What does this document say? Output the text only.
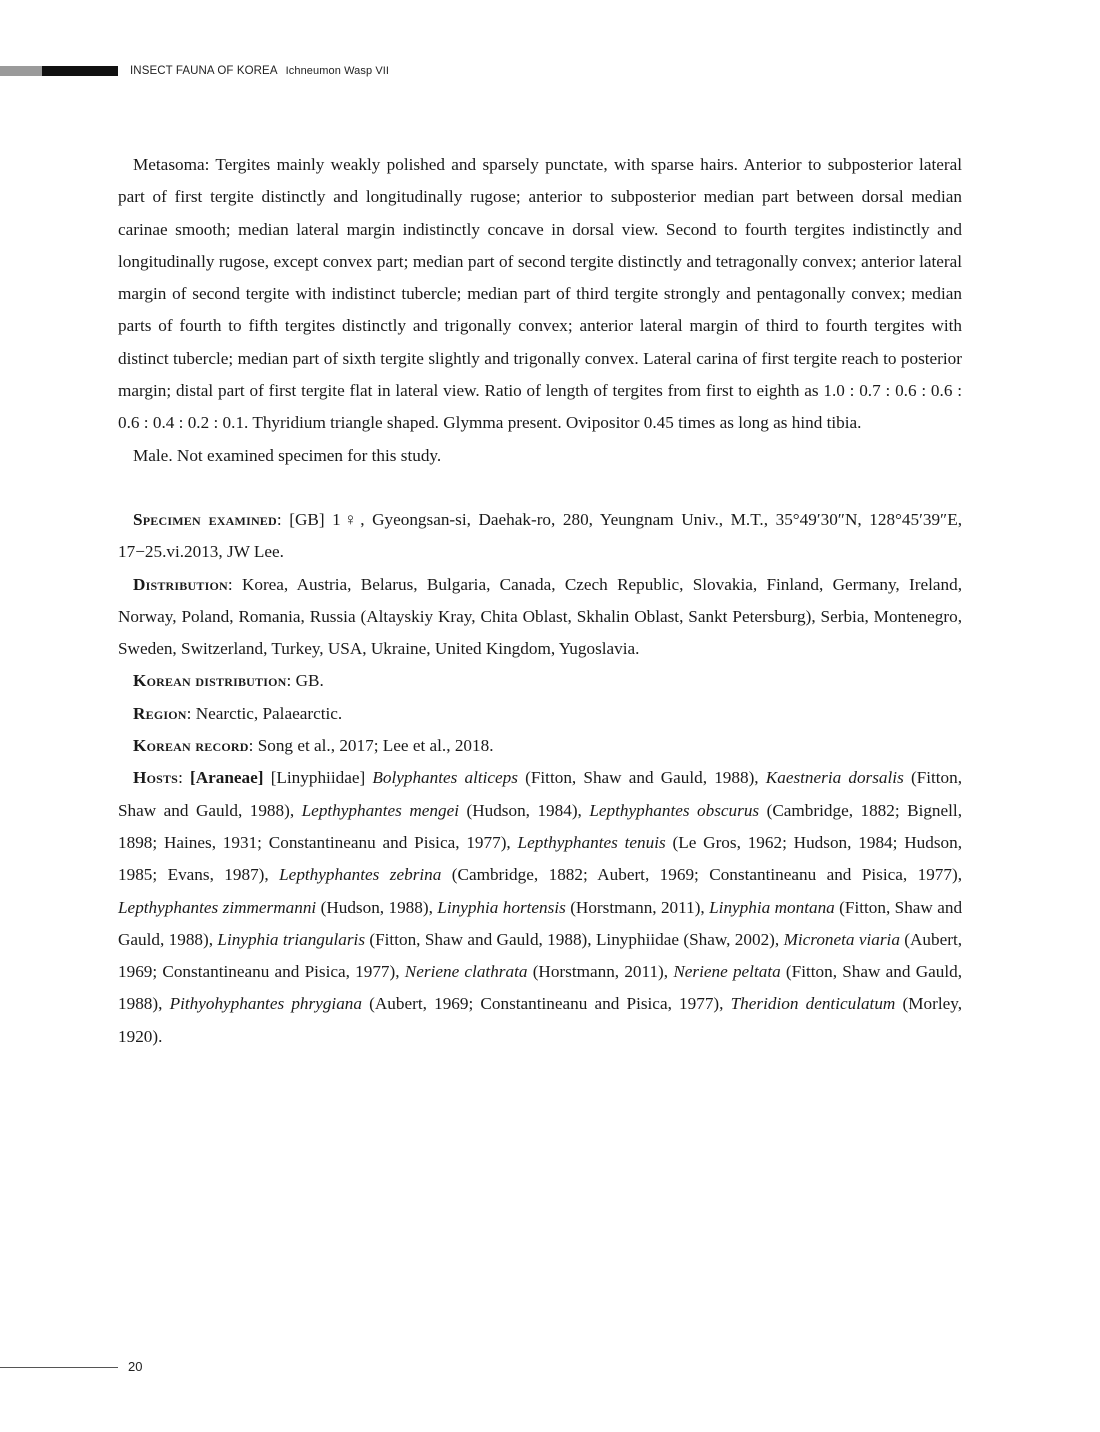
INSECT FAUNA OF KOREA Ichneumon Wasp VII

Metasoma: Tergites mainly weakly polished and sparsely punctate, with sparse hairs. Anterior to subposterior lateral part of first tergite distinctly and longitudinally rugose; anterior to subposterior median part between dorsal median carinae smooth; median lateral margin indistinctly concave in dorsal view. Second to fourth tergites indistinctly and longitudinally rugose, except convex part; median part of second tergite distinctly and tetragonally convex; anterior lateral margin of second tergite with indistinct tubercle; median part of third tergite strongly and pentagonally convex; median parts of fourth to fifth tergites distinctly and trigonally convex; anterior lateral margin of third to fourth tergites with distinct tubercle; median part of sixth tergite slightly and trigonally convex. Lateral carina of first tergite reach to posterior margin; distal part of first tergite flat in lateral view. Ratio of length of tergites from first to eighth as 1.0 : 0.7 : 0.6 : 0.6 : 0.6 : 0.4 : 0.2 : 0.1. Thyridium triangle shaped. Glymma present. Ovipositor 0.45 times as long as hind tibia.

Male. Not examined specimen for this study.

Specimen examined: [GB] 1♀, Gyeongsan-si, Daehak-ro, 280, Yeungnam Univ., M.T., 35°49′30″N, 128°45′39″E, 17−25.vi.2013, JW Lee.

Distribution: Korea, Austria, Belarus, Bulgaria, Canada, Czech Republic, Slovakia, Finland, Germany, Ireland, Norway, Poland, Romania, Russia (Altayskiy Kray, Chita Oblast, Skhalin Oblast, Sankt Petersburg), Serbia, Montenegro, Sweden, Switzerland, Turkey, USA, Ukraine, United Kingdom, Yugoslavia.

Korean distribution: GB.

Region: Nearctic, Palaearctic.

Korean record: Song et al., 2017; Lee et al., 2018.

Hosts: [Araneae] [Linyphiidae] Bolyphantes alticeps (Fitton, Shaw and Gauld, 1988), Kaestneria dorsalis (Fitton, Shaw and Gauld, 1988), Lepthyphantes mengei (Hudson, 1984), Lepthyphantes obscurus (Cambridge, 1882; Bignell, 1898; Haines, 1931; Constantineanu and Pisica, 1977), Lepthyphantes tenuis (Le Gros, 1962; Hudson, 1984; Hudson, 1985; Evans, 1987), Lepthyphantes zebrina (Cambridge, 1882; Aubert, 1969; Constantineanu and Pisica, 1977), Lepthyphantes zimmermanni (Hudson, 1988), Linyphia hortensis (Horstmann, 2011), Linyphia montana (Fitton, Shaw and Gauld, 1988), Linyphia triangularis (Fitton, Shaw and Gauld, 1988), Linyphiidae (Shaw, 2002), Microneta viaria (Aubert, 1969; Constantineanu and Pisica, 1977), Neriene clathrata (Horstmann, 2011), Neriene peltata (Fitton, Shaw and Gauld, 1988), Pithyohyphantes phrygiana (Aubert, 1969; Constantineanu and Pisica, 1977), Theridion denticulatum (Morley, 1920).

20
